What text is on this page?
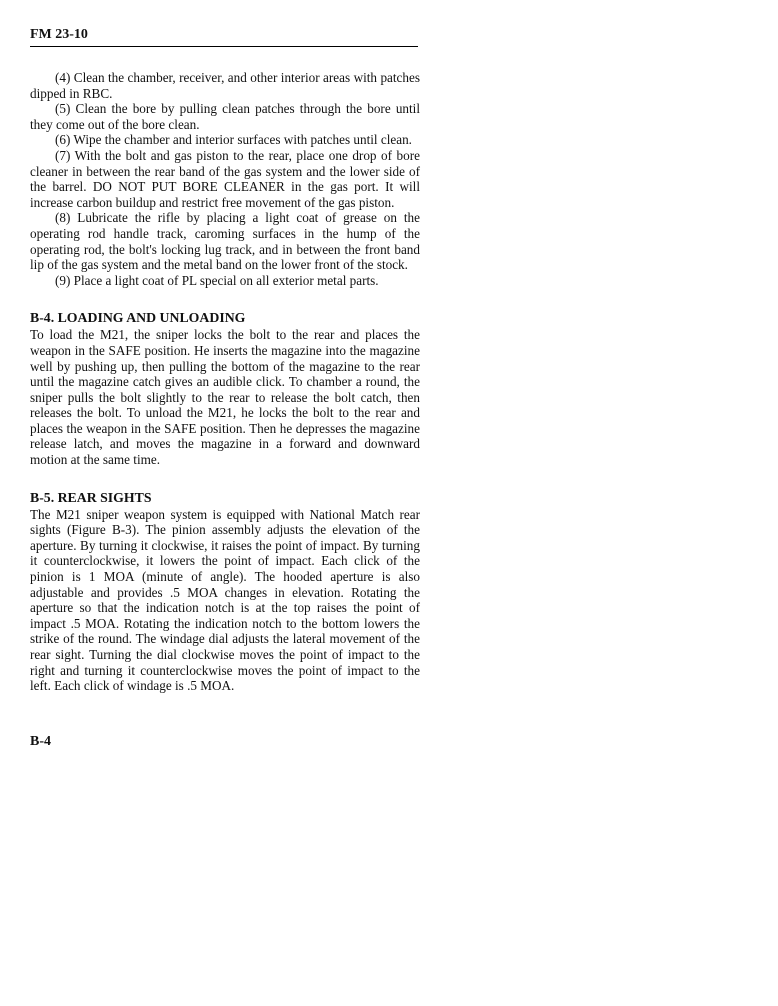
FM 23-10

(4) Clean the chamber, receiver, and other interior areas with patches dipped in RBC.

(5) Clean the bore by pulling clean patches through the bore until they come out of the bore clean.

(6) Wipe the chamber and interior surfaces with patches until clean.

(7) With the bolt and gas piston to the rear, place one drop of bore cleaner in between the rear band of the gas system and the lower side of the barrel. DO NOT PUT BORE CLEANER in the gas port. It will increase carbon buildup and restrict free movement of the gas piston.

(8) Lubricate the rifle by placing a light coat of grease on the operating rod handle track, caroming surfaces in the hump of the operating rod, the bolt's locking lug track, and in between the front band lip of the gas system and the metal band on the lower front of the stock.

(9) Place a light coat of PL special on all exterior metal parts.

B-4. LOADING AND UNLOADING

To load the M21, the sniper locks the bolt to the rear and places the weapon in the SAFE position. He inserts the magazine into the magazine well by pushing up, then pulling the bottom of the magazine to the rear until the magazine catch gives an audible click. To chamber a round, the sniper pulls the bolt slightly to the rear to release the bolt catch, then releases the bolt. To unload the M21, he locks the bolt to the rear and places the weapon in the SAFE position. Then he depresses the magazine release latch, and moves the magazine in a forward and downward motion at the same time.

B-5. REAR SIGHTS

The M21 sniper weapon system is equipped with National Match rear sights (Figure B-3). The pinion assembly adjusts the elevation of the aperture. By turning it clockwise, it raises the point of impact. By turning it counterclockwise, it lowers the point of impact. Each click of the pinion is 1 MOA (minute of angle). The hooded aperture is also adjustable and provides .5 MOA changes in elevation. Rotating the aperture so that the indication notch is at the top raises the point of impact .5 MOA. Rotating the indication notch to the bottom lowers the strike of the round. The windage dial adjusts the lateral movement of the rear sight. Turning the dial clockwise moves the point of impact to the right and turning it counterclockwise moves the point of impact to the left. Each click of windage is .5 MOA.

B-4
